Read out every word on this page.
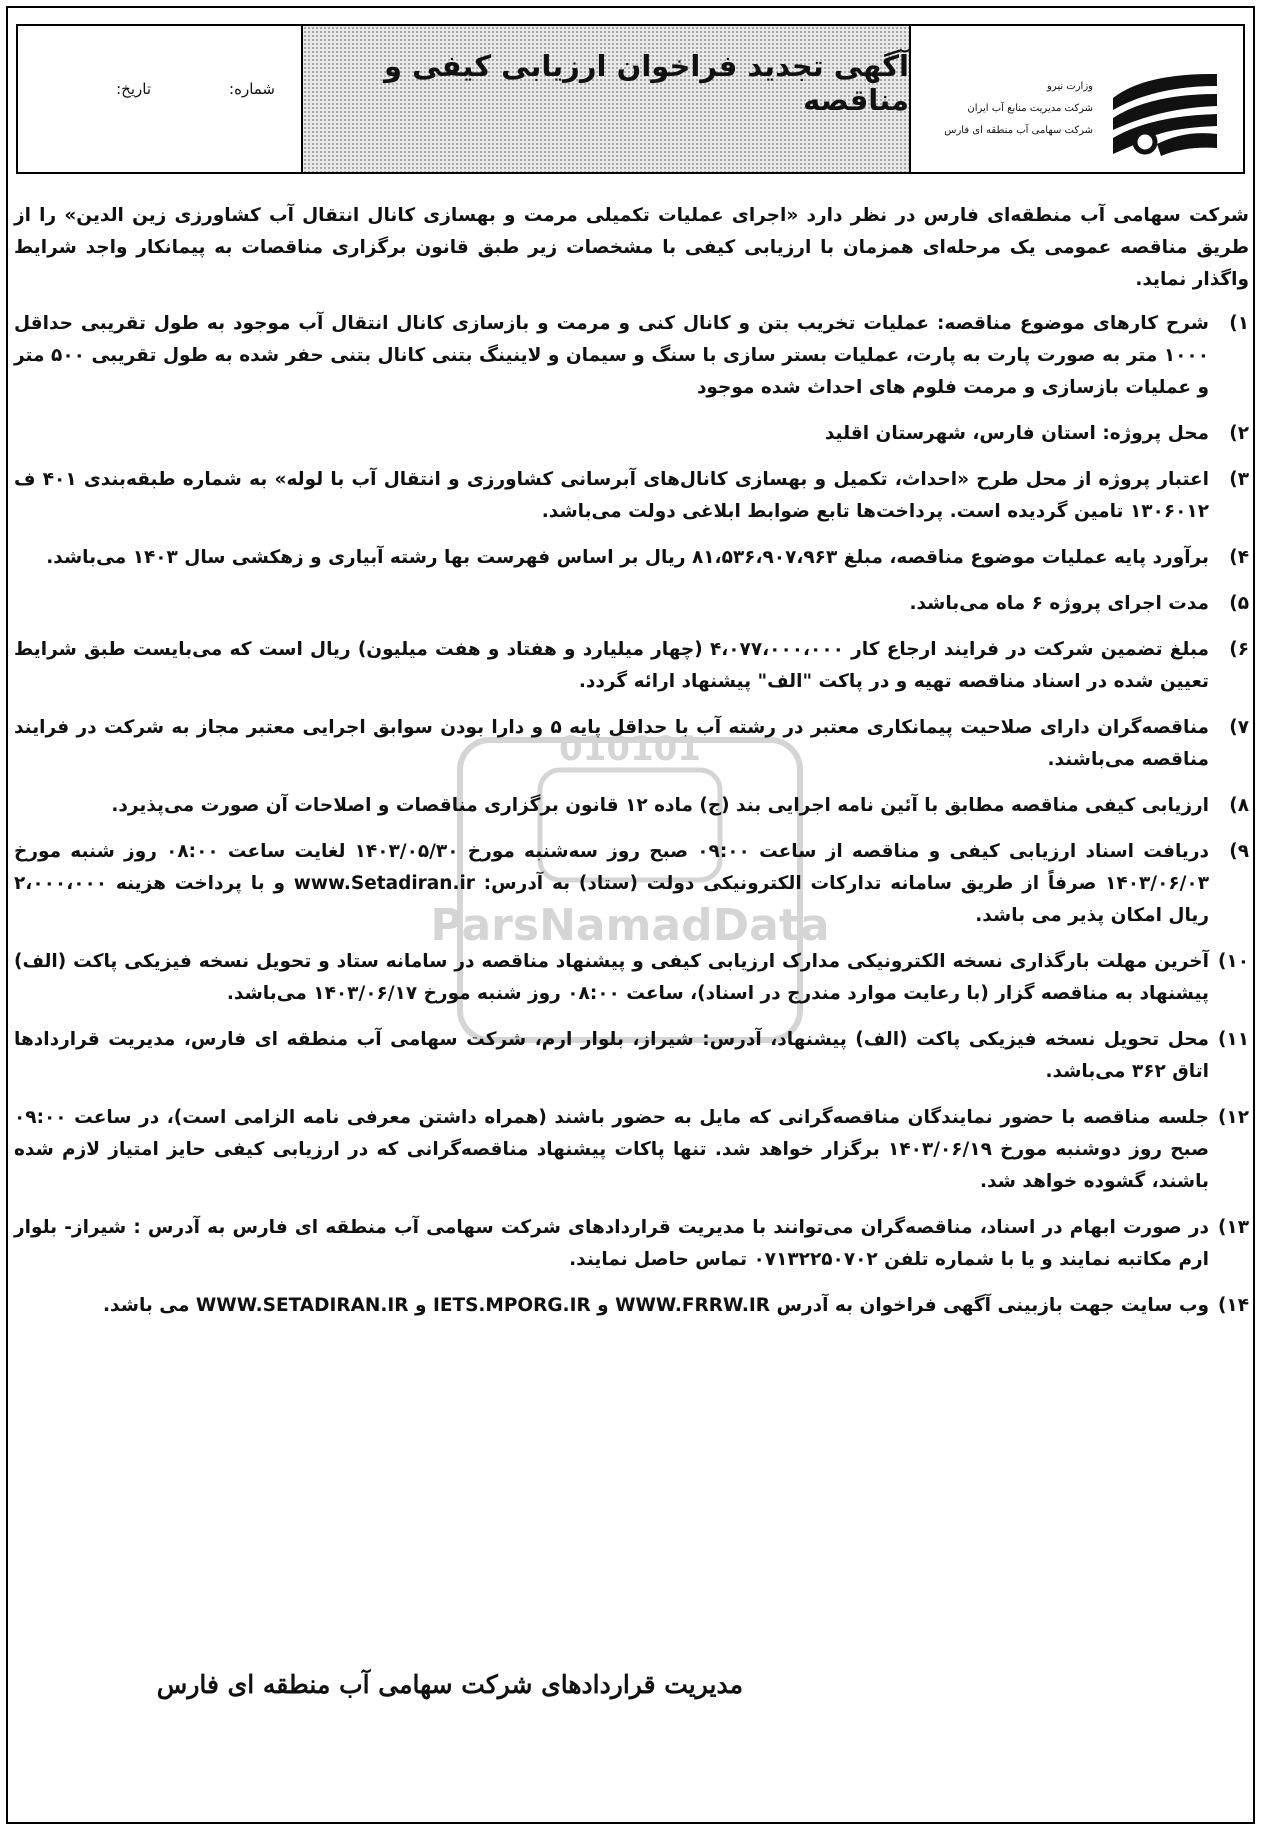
وزارت نیرو
شرکت مدیریت منابع آب ایران
شرکت سهامی آب منطقه ای فارس
آگهی تجدید فراخوان ارزیابی کیفی و مناقصه
شماره:
تاریخ:
010101
ParsNamadData

شرکت سهامی آب منطقه‌ای فارس در نظر دارد «اجرای عملیات تکمیلی مرمت و بهسازی کانال انتقال آب کشاورزی زین الدین» را از طریق مناقصه عمومی یک مرحله‌ای همزمان با ارزیابی کیفی با مشخصات زیر طبق قانون برگزاری مناقصات به پیمانکار واجد شرایط واگذار نماید.

۱)
شرح کارهای موضوع مناقصه: عملیات تخریب بتن و کانال کنی و مرمت و بازسازی کانال انتقال آب موجود به طول تقریبی حداقل ۱۰۰۰ متر به صورت پارت به پارت، عملیات بستر سازی با سنگ و سیمان و لاینینگ بتنی کانال بتنی حفر شده به طول تقریبی ۵۰۰ متر و عملیات بازسازی و مرمت فلوم های احداث شده موجود
۲)
محل پروژه: استان فارس، شهرستان اقلید
۳)
اعتبار پروژه از محل طرح «احداث، تکمیل و بهسازی کانال‌های آبرسانی کشاورزی و انتقال آب با لوله» به شماره طبقه‌بندی ۴۰۱ ف ۱۳۰۶۰۱۲ تامین گردیده است. پرداخت‌ها تابع ضوابط ابلاغی دولت می‌باشد.
۴)
برآورد پایه عملیات موضوع مناقصه، مبلغ ۸۱،۵۳۶،۹۰۷،۹۶۳ ریال بر اساس فهرست بها رشته آبیاری و زهکشی سال ۱۴۰۳ می‌باشد.
۵)
مدت اجرای پروژه ۶ ماه می‌باشد.
۶)
مبلغ تضمین شرکت در فرایند ارجاع کار ۴،۰۷۷،۰۰۰،۰۰۰ (چهار میلیارد و هفتاد و هفت میلیون) ریال است که می‌بایست طبق شرایط تعیین شده در اسناد مناقصه تهیه و در پاکت "الف" پیشنهاد ارائه گردد.
۷)
مناقصه‌گران دارای صلاحیت پیمانکاری معتبر در رشته آب با حداقل پایه ۵ و دارا بودن سوابق اجرایی معتبر مجاز به شرکت در فرایند مناقصه می‌باشند.
۸)
ارزیابی کیفی مناقصه مطابق با آئین نامه اجرایی بند (ج) ماده ۱۲ قانون برگزاری مناقصات و اصلاحات آن صورت می‌پذیرد.
۹)
دریافت اسناد ارزیابی کیفی و مناقصه از ساعت ۰۹:۰۰ صبح روز سه‌شنبه مورخ ۱۴۰۳/۰۵/۳۰ لغایت ساعت ۰۸:۰۰ روز شنبه مورخ ۱۴۰۳/۰۶/۰۳ صرفاً از طریق سامانه تدارکات الکترونیکی دولت (ستاد) به آدرس: www.Setadiran.ir و با پرداخت هزینه ۲،۰۰۰،۰۰۰ ریال امکان پذیر می باشد.
۱۰)
آخرین مهلت بارگذاری نسخه الکترونیکی مدارک ارزیابی کیفی و پیشنهاد مناقصه در سامانه ستاد و تحویل نسخه فیزیکی پاکت (الف) پیشنهاد به مناقصه گزار (با رعایت موارد مندرج در اسناد)، ساعت ۰۸:۰۰ روز شنبه مورخ ۱۴۰۳/۰۶/۱۷ می‌باشد.
۱۱)
محل تحویل نسخه فیزیکی پاکت (الف) پیشنهاد، آدرس: شیراز، بلوار ارم، شرکت سهامی آب منطقه ای فارس، مدیریت قراردادها اتاق ۳۶۲ می‌باشد.
۱۲)
جلسه مناقصه با حضور نمایندگان مناقصه‌گرانی که مایل به حضور باشند (همراه داشتن معرفی نامه الزامی است)، در ساعت ۰۹:۰۰ صبح روز دوشنبه مورخ ۱۴۰۳/۰۶/۱۹ برگزار خواهد شد. تنها پاکات پیشنهاد مناقصه‌گرانی که در ارزیابی کیفی حایز امتیاز لازم شده باشند، گشوده خواهد شد.
۱۳)
در صورت ابهام در اسناد، مناقصه‌گران می‌توانند با مدیریت قراردادهای شرکت سهامی آب منطقه ای فارس به آدرس : شیراز- بلوار ارم مکاتبه نمایند و یا با شماره تلفن ۰۷۱۳۲۲۵۰۷۰۲ تماس حاصل نمایند.
۱۴)
وب سایت جهت بازبینی آگهی فراخوان به آدرس WWW.FRRW.IR و IETS.MPORG.IR و WWW.SETADIRAN.IR می باشد.
مدیریت قراردادهای شرکت سهامی آب منطقه ای فارس
